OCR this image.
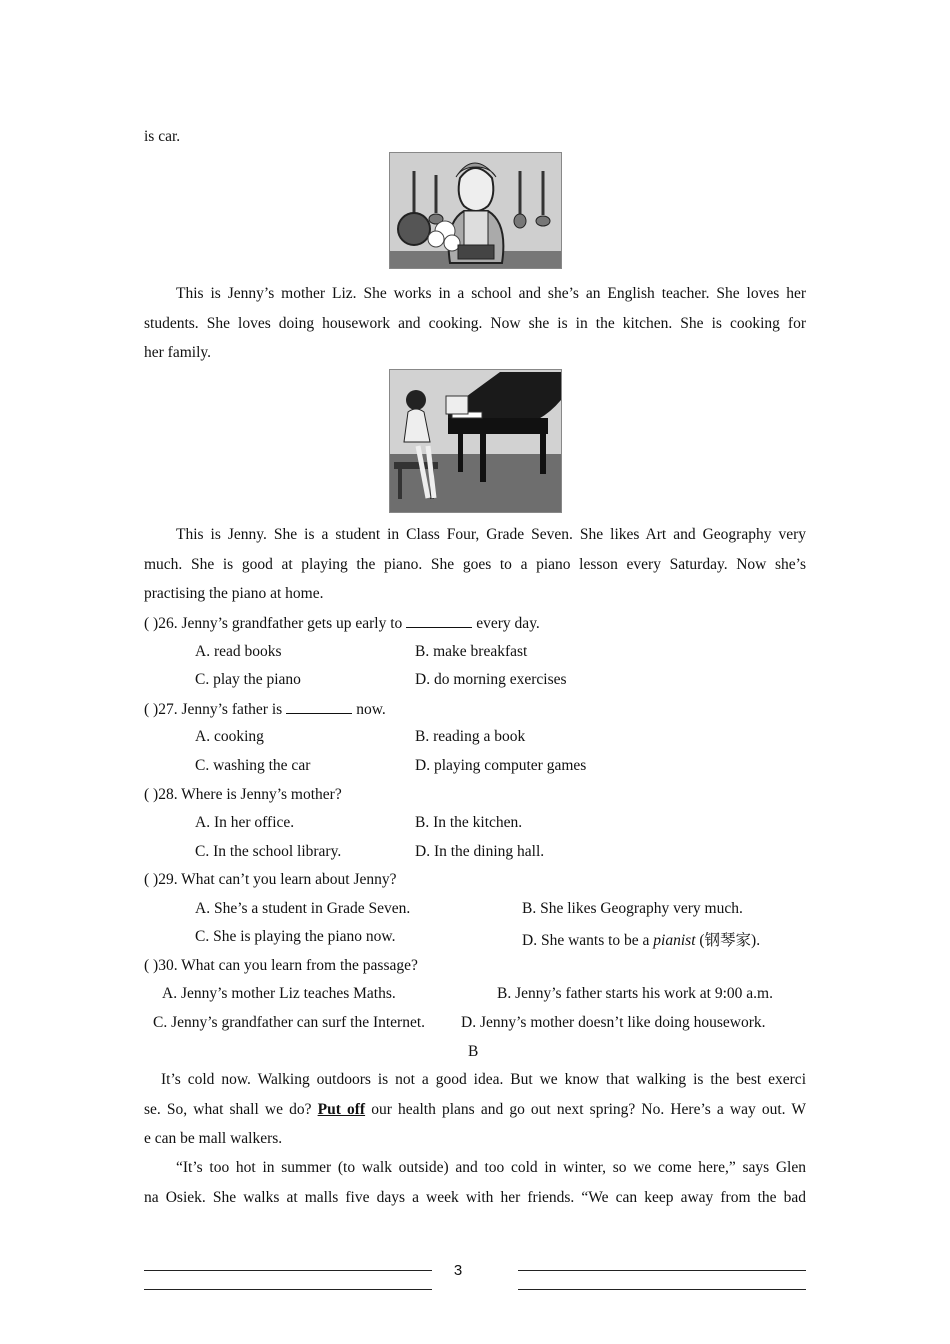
is car.
This is Jenny’s mother Liz. She works in a school and she’s an English teacher. She loves her
students. She loves doing housework and cooking. Now she is in the kitchen. She is cooking for
her family.
This is Jenny. She is a student in Class Four, Grade Seven. She likes Art and Geography very
much. She is good at playing the piano. She goes to a piano lesson every Saturday. Now she’s
practising the piano at home.
( )26. Jenny’s grandfather gets up early to	every day.
A. read books	B. make breakfast
C. play the piano	D. do morning exercises
( )27. Jenny’s father is	now.
A. cooking	B. reading a book
C. washing the car	D. playing computer games
( )28. Where is Jenny’s mother?
A. In her office.	B. In the kitchen.
C. In the school library.	D. In the dining hall.
( )29. What can’t you learn about Jenny?
A. She’s a student in Grade Seven.	B. She likes Geography very much.
C. She is playing the piano now.	D. She wants to be a pianist (钢琴家).
( )30. What can you learn from the passage?
A. Jenny’s mother Liz teaches Maths.	B. Jenny’s father starts his work at 9:00 a.m.
C. Jenny’s grandfather can surf the Internet. D. Jenny’s mother doesn’t like doing housework.
B
It’s cold now. Walking outdoors is not a good idea. But we know that walking is the best exerci
se. So, what shall we do? Put off our health plans and go out next spring? No. Here’s a way out. W
e can be mall walkers.
“It’s too hot in summer (to walk outside) and too cold in winter, so we come here,” says Glen
na Osiek. She walks at malls five days a week with her friends. “We can keep away from the bad
3
